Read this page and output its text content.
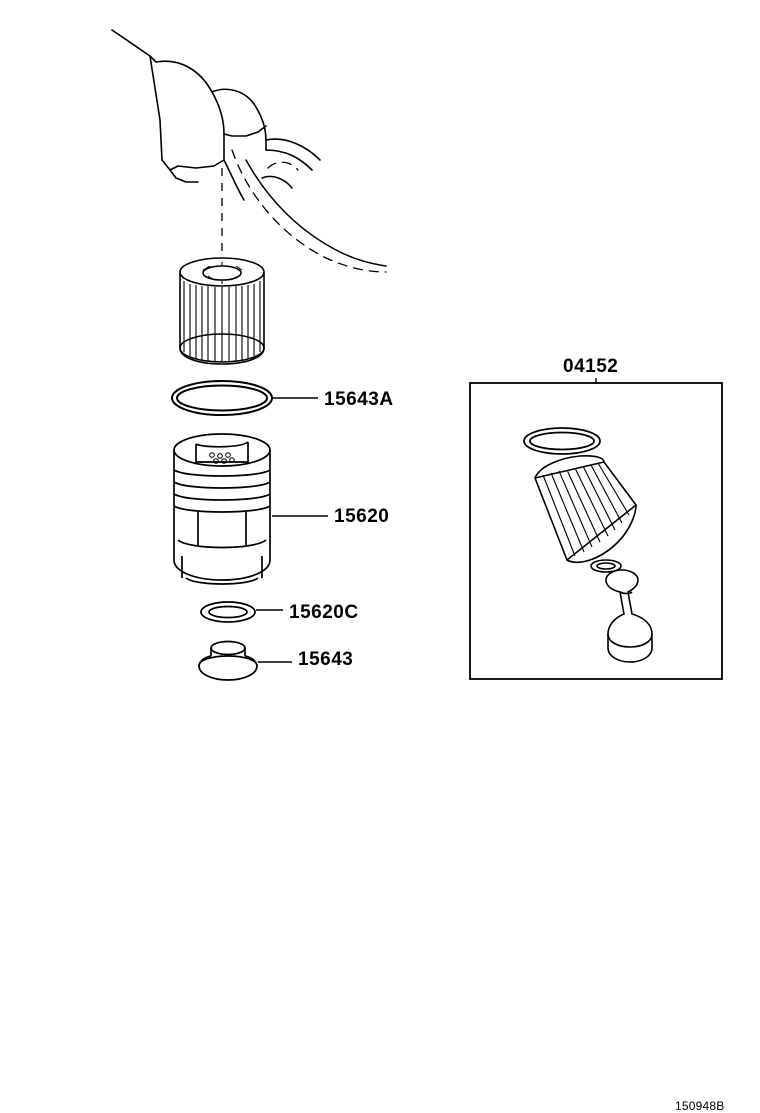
15643A
15620
15620C
15643
04152
150948B
